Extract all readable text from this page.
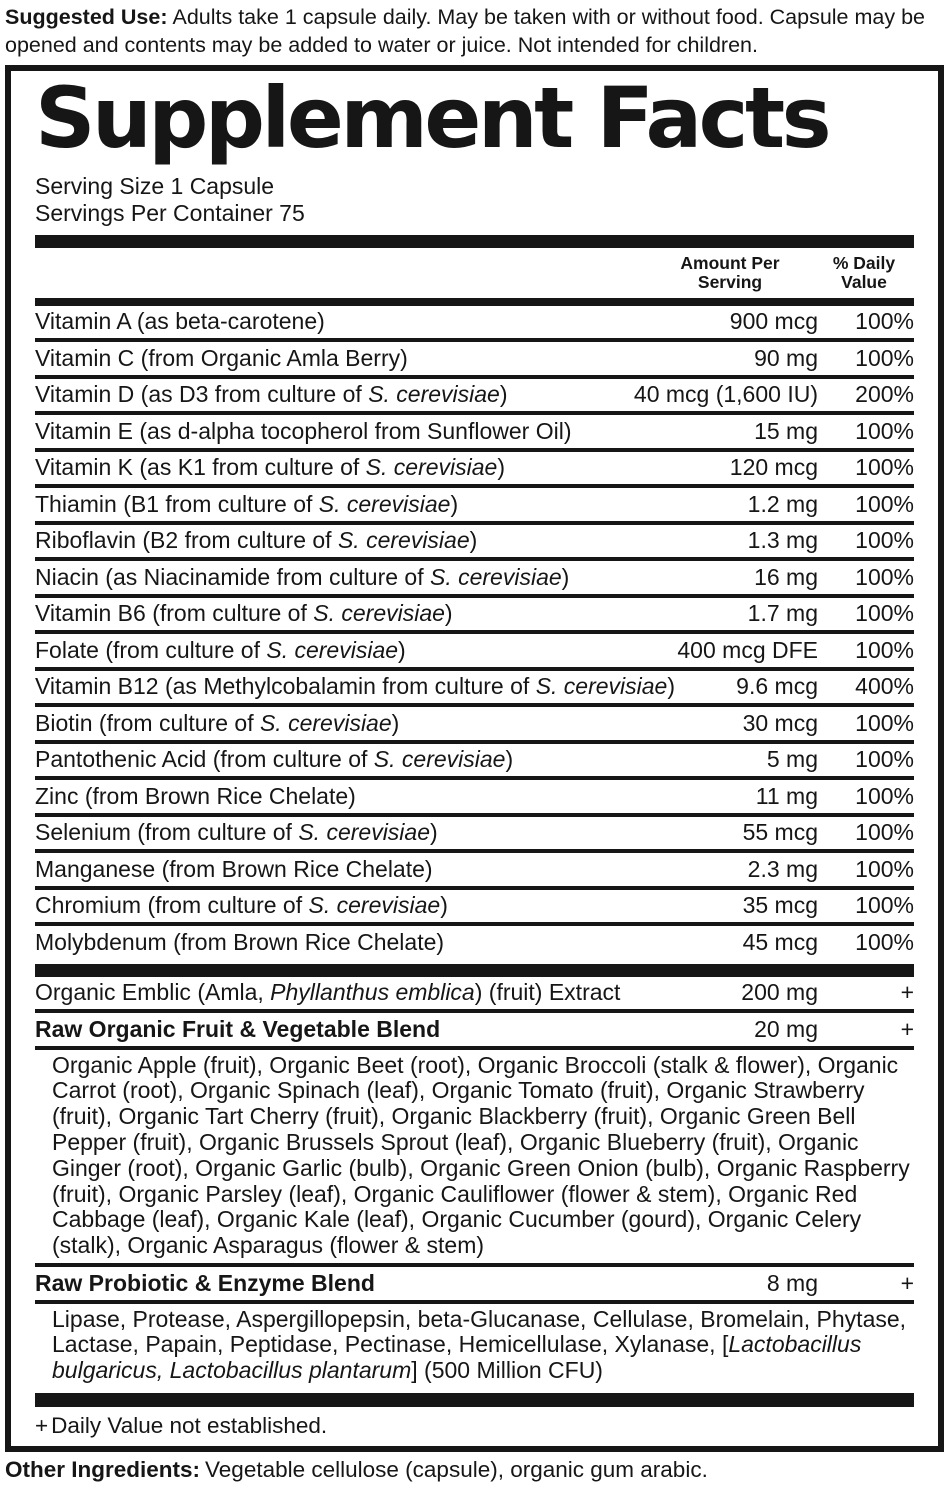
Suggested Use: Adults take 1 capsule daily. May be taken with or without food. Capsule may be opened and contents may be added to water or juice. Not intended for children.
Supplement Facts
Serving Size 1 Capsule
Servings Per Container 75
Amount Per Serving
% Daily Value
Vitamin A (as beta-carotene)	900 mcg	100%
Vitamin C (from Organic Amla Berry)	90 mg	100%
Vitamin D (as D3 from culture of S. cerevisiae)	40 mcg (1,600 IU)	200%
Vitamin E (as d-alpha tocopherol from Sunflower Oil)	15 mg	100%
Vitamin K (as K1 from culture of S. cerevisiae)	120 mcg	100%
Thiamin (B1 from culture of S. cerevisiae)	1.2 mg	100%
Riboflavin (B2 from culture of S. cerevisiae)	1.3 mg	100%
Niacin (as Niacinamide from culture of S. cerevisiae)	16 mg	100%
Vitamin B6 (from culture of S. cerevisiae)	1.7 mg	100%
Folate (from culture of S. cerevisiae)	400 mcg DFE	100%
Vitamin B12 (as Methylcobalamin from culture of S. cerevisiae)	9.6 mcg	400%
Biotin (from culture of S. cerevisiae)	30 mcg	100%
Pantothenic Acid (from culture of S. cerevisiae)	5 mg	100%
Zinc (from Brown Rice Chelate)	11 mg	100%
Selenium (from culture of S. cerevisiae)	55 mcg	100%
Manganese (from Brown Rice Chelate)	2.3 mg	100%
Chromium (from culture of S. cerevisiae)	35 mcg	100%
Molybdenum (from Brown Rice Chelate)	45 mcg	100%
Organic Emblic (Amla, Phyllanthus emblica) (fruit) Extract	200 mg	+
Raw Organic Fruit & Vegetable Blend	20 mg	+
Organic Apple (fruit), Organic Beet (root), Organic Broccoli (stalk & flower), Organic Carrot (root), Organic Spinach (leaf), Organic Tomato (fruit), Organic Strawberry (fruit), Organic Tart Cherry (fruit), Organic Blackberry (fruit), Organic Green Bell Pepper (fruit), Organic Brussels Sprout (leaf), Organic Blueberry (fruit), Organic Ginger (root), Organic Garlic (bulb), Organic Green Onion (bulb), Organic Raspberry (fruit), Organic Parsley (leaf), Organic Cauliflower (flower & stem), Organic Red Cabbage (leaf), Organic Kale (leaf), Organic Cucumber (gourd), Organic Celery (stalk), Organic Asparagus (flower & stem)
Raw Probiotic & Enzyme Blend	8 mg	+
Lipase, Protease, Aspergillopepsin, beta-Glucanase, Cellulase, Bromelain, Phytase, Lactase, Papain, Peptidase, Pectinase, Hemicellulase, Xylanase, [Lactobacillus bulgaricus, Lactobacillus plantarum] (500 Million CFU)
+ Daily Value not established.
Other Ingredients: Vegetable cellulose (capsule), organic gum arabic.
